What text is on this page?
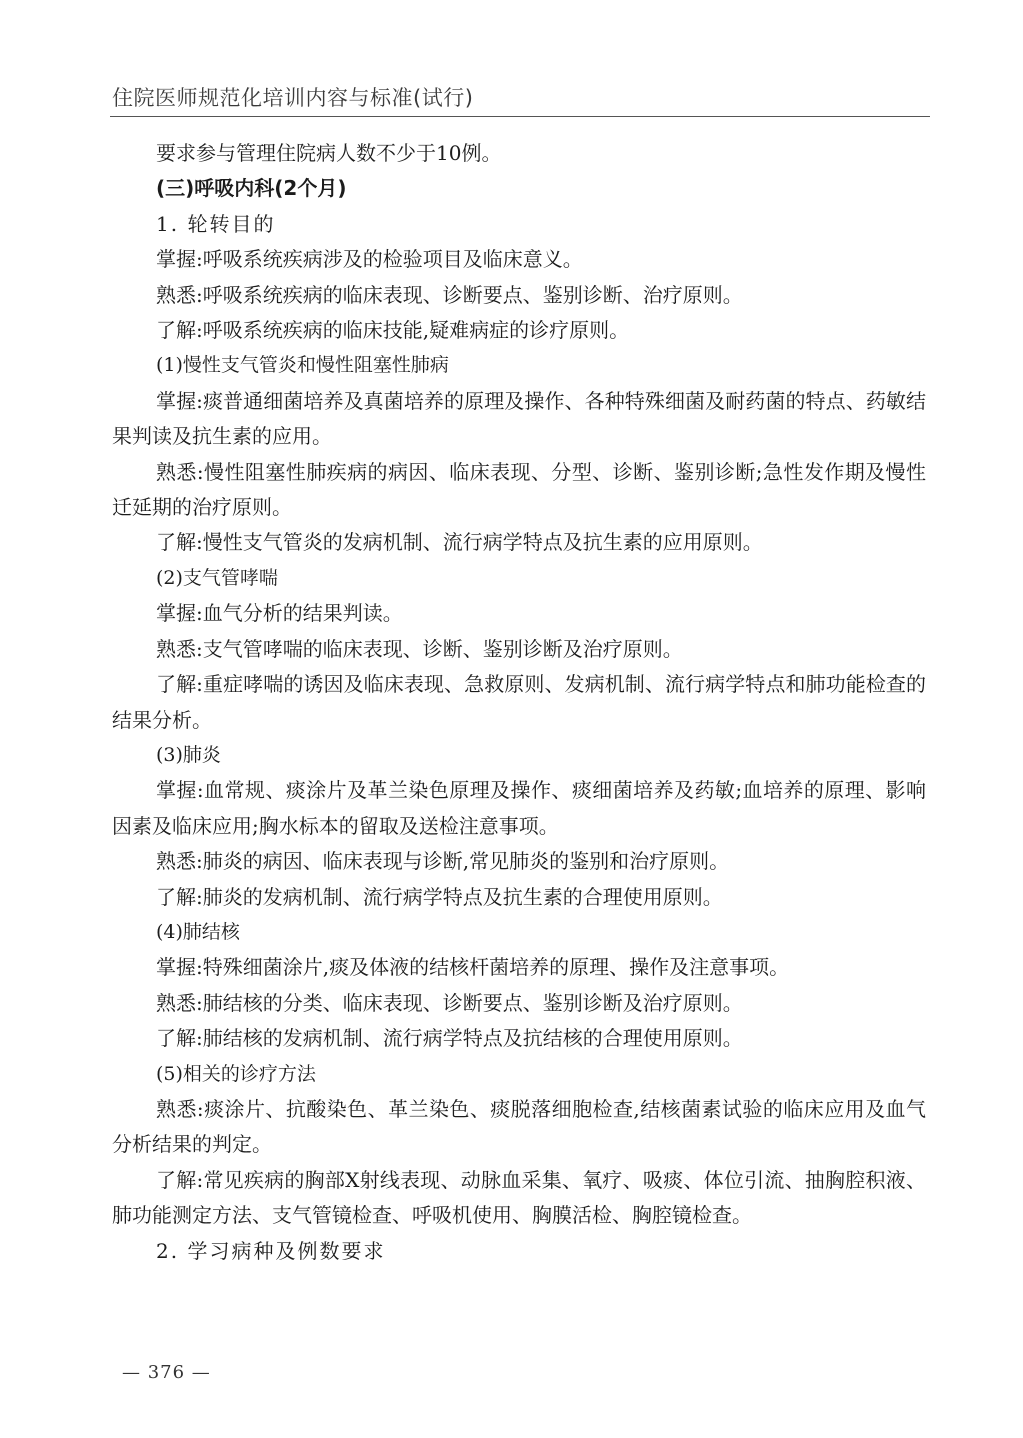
住院医师规范化培训内容与标准(试行)

要求参与管理住院病人数不少于10例。

(三)呼吸内科(2个月)

1. 轮转目的

掌握:呼吸系统疾病涉及的检验项目及临床意义。

熟悉:呼吸系统疾病的临床表现、诊断要点、鉴别诊断、治疗原则。

了解:呼吸系统疾病的临床技能,疑难病症的诊疗原则。

(1)慢性支气管炎和慢性阻塞性肺病

掌握:痰普通细菌培养及真菌培养的原理及操作、各种特殊细菌及耐药菌的特点、药敏结果判读及抗生素的应用。

熟悉:慢性阻塞性肺疾病的病因、临床表现、分型、诊断、鉴别诊断;急性发作期及慢性迁延期的治疗原则。

了解:慢性支气管炎的发病机制、流行病学特点及抗生素的应用原则。

(2)支气管哮喘

掌握:血气分析的结果判读。

熟悉:支气管哮喘的临床表现、诊断、鉴别诊断及治疗原则。

了解:重症哮喘的诱因及临床表现、急救原则、发病机制、流行病学特点和肺功能检查的结果分析。

(3)肺炎

掌握:血常规、痰涂片及革兰染色原理及操作、痰细菌培养及药敏;血培养的原理、影响因素及临床应用;胸水标本的留取及送检注意事项。

熟悉:肺炎的病因、临床表现与诊断,常见肺炎的鉴别和治疗原则。

了解:肺炎的发病机制、流行病学特点及抗生素的合理使用原则。

(4)肺结核

掌握:特殊细菌涂片,痰及体液的结核杆菌培养的原理、操作及注意事项。

熟悉:肺结核的分类、临床表现、诊断要点、鉴别诊断及治疗原则。

了解:肺结核的发病机制、流行病学特点及抗结核的合理使用原则。

(5)相关的诊疗方法

熟悉:痰涂片、抗酸染色、革兰染色、痰脱落细胞检查,结核菌素试验的临床应用及血气分析结果的判定。

了解:常见疾病的胸部X射线表现、动脉血采集、氧疗、吸痰、体位引流、抽胸腔积液、肺功能测定方法、支气管镜检查、呼吸机使用、胸膜活检、胸腔镜检查。

2. 学习病种及例数要求

— 376 —
